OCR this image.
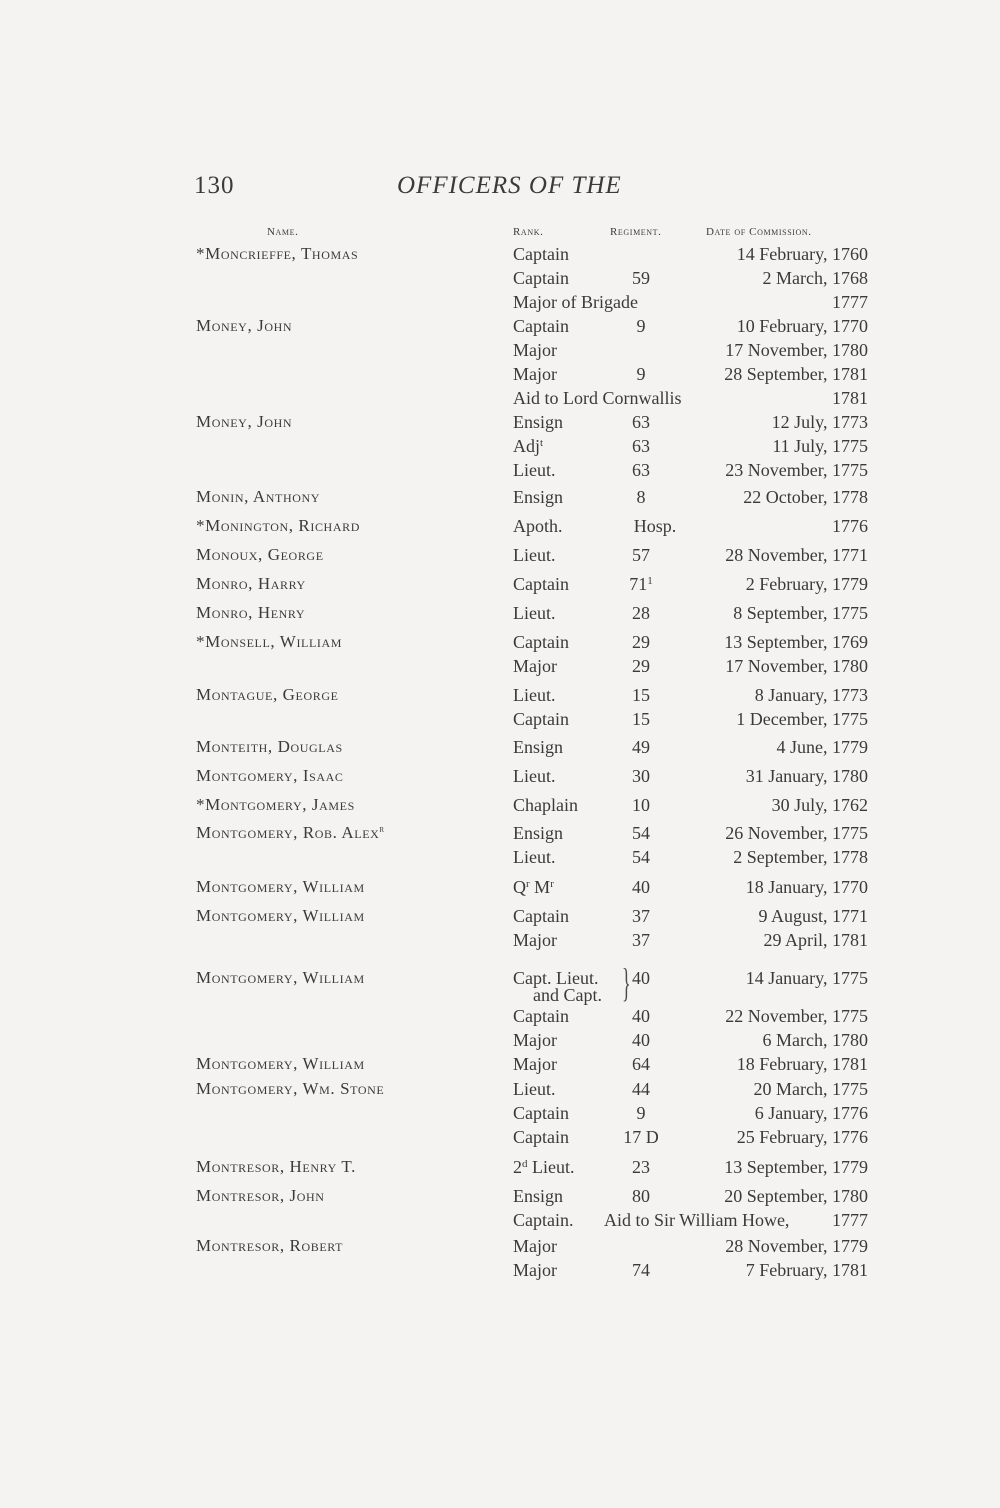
130	OFFICERS OF THE
Name.	Rank.	Regiment.	Date of Commission.
*Moncrieffe, Thomas	Captain	14 February, 1760
Captain	59	2 March, 1768
Major of Brigade	1777
Money, John	Captain	9	10 February, 1770
Major	17 November, 1780
Major	9	28 September, 1781
Aid to Lord Cornwallis	1781
Money, John	Ensign	63	12 July, 1773
Adj$^t$	63	11 July, 1775
Lieut.	63	23 November, 1775
Monin, Anthony	Ensign	8	22 October, 1778
*Monington, Richard	Apoth.	Hosp.	1776
Monoux, George	Lieut.	57	28 November, 1771
Monro, Harry	Captain	$71^1$	2 February, 1779
Monro, Henry	Lieut.	28	8 September, 1775
*Monsell, William	Captain	29	13 September, 1769
Major	29	17 November, 1780
Montague, George	Lieut.	15	8 January, 1773
Captain	15	1 December, 1775
Monteith, Douglas	Ensign	49	4 June, 1779
Montgomery, Isaac	Lieut.	30	31 January, 1780
*Montgomery, James	Chaplain	10	30 July, 1762
Montgomery, Rob. Alex$^r$	Ensign	54	26 November, 1775
Lieut.	54	2 September, 1778
Montgomery, William	$Q^r$ $M^r$	40	18 January, 1770
Montgomery, William	Captain	37	9 August, 1771
Major	37	29 April, 1781
Montgomery, William	Capt. Lieut.	40	14 January, 1775
and Capt.
Captain	40	22 November, 1775
Major	40	6 March, 1780
Montgomery, William	Major	64	18 February, 1781
Montgomery, Wm. Stone	Lieut.	44	20 March, 1775
Captain	9	6 January, 1776
Captain	17 D	25 February, 1776
Montresor, Henry T.	2$^d$ Lieut.	23	13 September, 1779
Montresor, John	Ensign	80	20 September, 1780
Captain. Aid to Sir William Howe,	1777
Montresor, Robert	Major	28 November, 1779
Major	74	7 February, 1781
}
